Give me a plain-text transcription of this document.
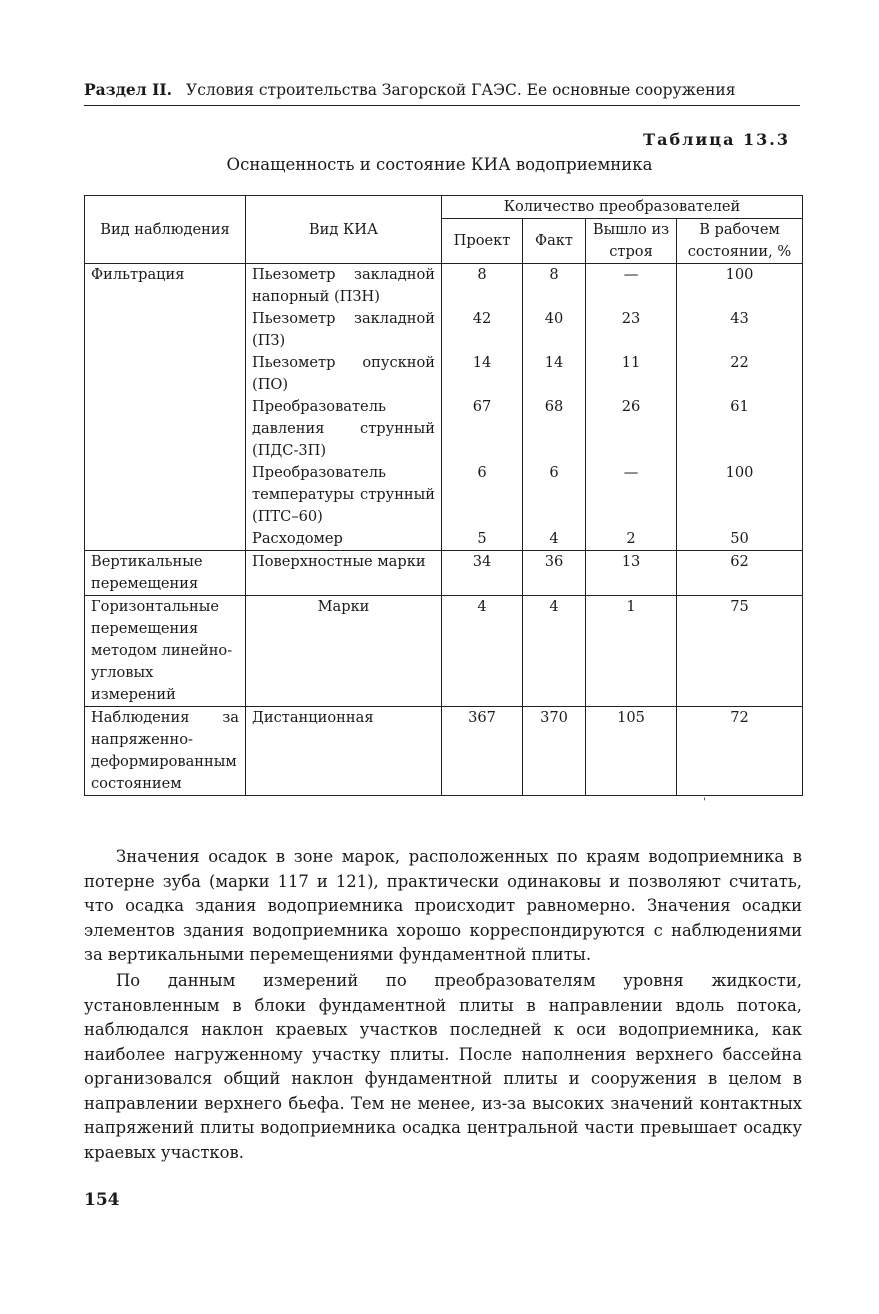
Раздел II. Условия строительства Загорской ГАЭС. Ее основные сооружения
Таблица 13.3
Оснащенность и состояние КИА водоприемника
Вид наблюдения	Вид КИА	Количество преобразователей			
		Проект	Факт	Вышло из строя	В рабочем состоянии, %
Фильтрация	Пьезометр закладной напорный (ПЗН)	8	8	—	100
	Пьезометр закладной (ПЗ)	42	40	23	43
	Пьезометр опускной (ПО)	14	14	11	22
	Преобразователь давления струнный (ПДС-3П)	67	68	26	61
	Преобразователь температуры струнный (ПТС–60)	6	6	—	100
	Расходомер	5	4	2	50
Вертикальные перемещения	Поверхностные марки	34	36	13	62
Горизонтальные перемещения методом линейно-угловых измерений	Марки	4	4	1	75
Наблюдения за напряженно-деформированным состоянием	Дистанционная	367	370	105	72
'

Значения осадок в зоне марок, расположенных по краям водоприемника в потерне зуба (марки 117 и 121), практически одинаковы и позволяют считать, что осадка здания водоприемника происходит равномерно. Значения осадки элементов здания водоприемника хорошо корреспондируются с наблюдениями за вертикальными перемещениями фундаментной плиты.

По данным измерений по преобразователям уровня жидкости, установленным в блоки фундаментной плиты в направлении вдоль потока, наблюдался наклон краевых участков последней к оси водоприемника, как наиболее нагруженному участку плиты. После наполнения верхнего бассейна организовался общий наклон фундаментной плиты и сооружения в целом в направлении верхнего бьефа. Тем не менее, из-за высоких значений контактных напряжений плиты водоприемника осадка центральной части превышает осадку краевых участков.

154
